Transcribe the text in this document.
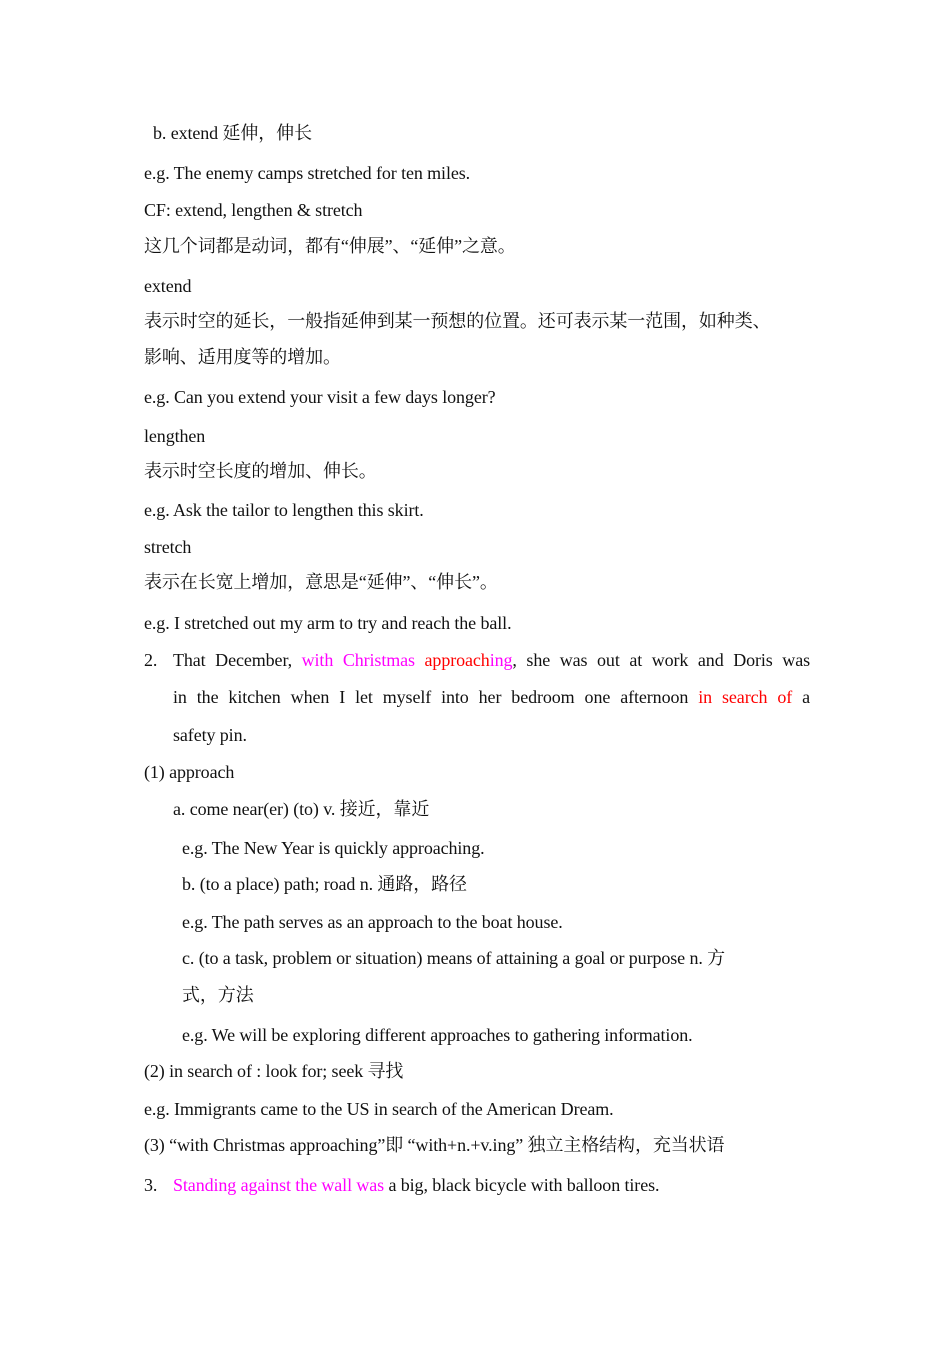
b. extend 延伸，伸长
e.g. The enemy camps stretched for ten miles.
CF: extend, lengthen & stretch
这几个词都是动词，都有“伸展”、“延伸”之意。
extend
表示时空的延长，一般指延伸到某一预想的位置。还可表示某一范围，如种类、
影响、适用度等的增加。
e.g. Can you extend your visit a few days longer?
lengthen
表示时空长度的增加、伸长。
e.g. Ask the tailor to lengthen this skirt.
stretch
表示在长宽上增加，意思是“延伸”、“伸长”。
e.g. I stretched out my arm to try and reach the ball.
2. That December, with Christmas approaching, she was out at work and Doris was
in the kitchen when I let myself into her bedroom one afternoon in search of a
safety pin.
(1) approach
a. come near(er) (to) v. 接近，靠近
e.g. The New Year is quickly approaching.
b. (to a place) path; road n. 通路，路径
e.g. The path serves as an approach to the boat house.
c. (to a task, problem or situation) means of attaining a goal or purpose n. 方
式，方法
e.g. We will be exploring different approaches to gathering information.
(2) in search of : look for; seek 寻找
e.g. Immigrants came to the US in search of the American Dream.
(3) “with Christmas approaching”即 “with+n.+v.ing” 独立主格结构，充当状语
3. Standing against the wall was a big, black bicycle with balloon tires.
